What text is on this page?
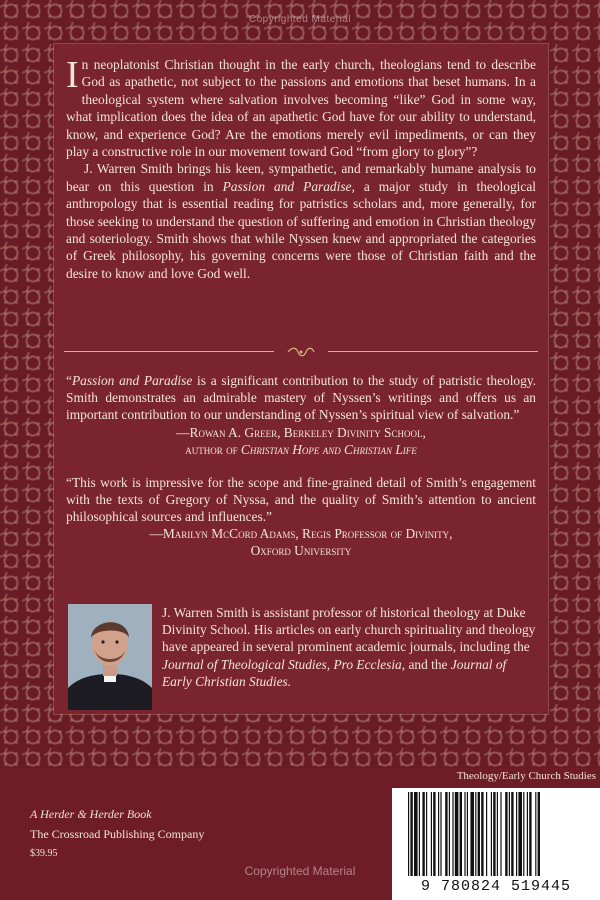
Copyrighted Material

In neoplatonist Christian thought in the early church, theologians tend to describe God as apathetic, not subject to the passions and emotions that beset humans. In a theological system where salvation involves becoming “like” God in some way, what implication does the idea of an apathetic God have for our ability to understand, know, and experience God? Are the emotions merely evil impediments, or can they play a constructive role in our movement toward God “from glory to glory”?

J. Warren Smith brings his keen, sympathetic, and remarkably humane analysis to bear on this question in Passion and Paradise, a major study in theological anthropology that is essential reading for patristics scholars and, more generally, for those seeking to understand the question of suffering and emotion in Christian theology and soteriology. Smith shows that while Nyssen knew and appropriated the categories of Greek philosophy, his governing concerns were those of Christian faith and the desire to know and love God well.

“Passion and Paradise is a significant contribution to the study of patristic theology. Smith demonstrates an admirable mastery of Nyssen’s writings and offers us an important contribution to our understanding of Nyssen’s spiritual view of salvation.”

—Rowan A. Greer, Berkeley Divinity School,
author of Christian Hope and Christian Life

“This work is impressive for the scope and fine-grained detail of Smith’s engagement with the texts of Gregory of Nyssa, and the quality of Smith’s attention to ancient philosophical sources and influences.”

—Marilyn McCord Adams, Regis Professor of Divinity,
Oxford University

J. Warren Smith is assistant professor of historical theology at Duke Divinity School. His articles on early church spirituality and theology have appeared in several prominent academic journals, including the Journal of Theological Studies, Pro Ecclesia, and the Journal of Early Christian Studies.

Theology/Early Church Studies
A Herder & Herder Book
The Crossroad Publishing Company
$39.95
9 780824 519445
Copyrighted Material
